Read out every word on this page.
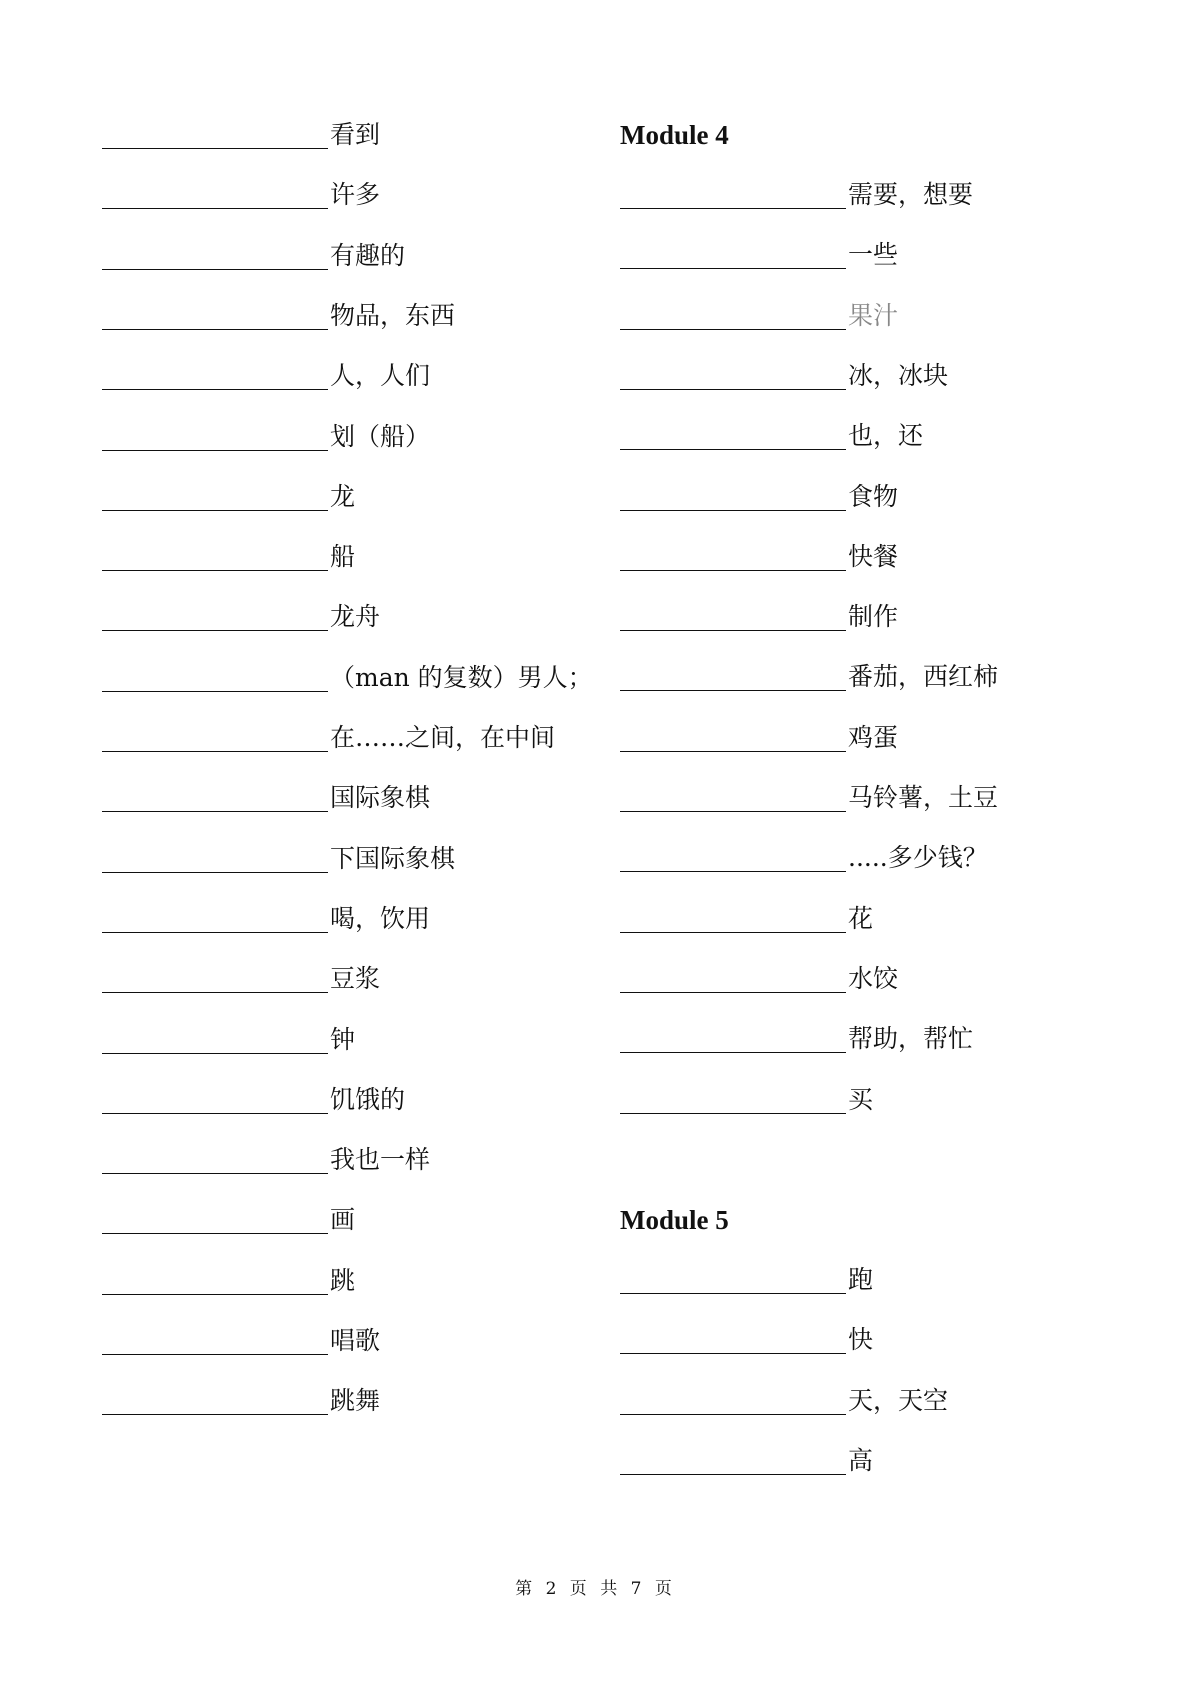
看到
许多
有趣的
物品，东西
人，人们
划（船）
龙
船
龙舟
（man 的复数）男人；
在……之间，在中间
国际象棋
下国际象棋
喝，饮用
豆浆
钟
饥饿的
我也一样
画
跳
唱歌
跳舞
Module 4
Module 5
需要，想要
一些
果汁
冰，冰块
也，还
食物
快餐
制作
番茄，西红柿
鸡蛋
马铃薯，土豆
.....多少钱？
花
水饺
帮助，帮忙
买
跑
快
天，天空
高
第 2 页 共 7 页
